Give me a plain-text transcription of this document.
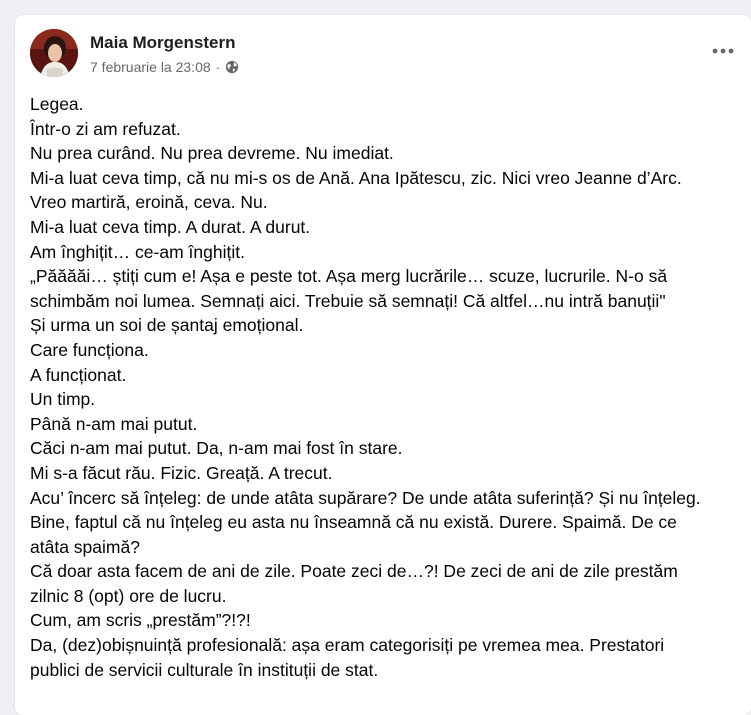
Maia Morgenstern
7 februarie la 23:08 ·
Legea.
Într-o zi am refuzat.
Nu prea curând. Nu prea devreme. Nu imediat.
Mi-a luat ceva timp, că nu mi-s os de Ană. Ana Ipătescu, zic. Nici vreo Jeanne d’Arc.
Vreo martiră, eroină, ceva. Nu.
Mi-a luat ceva timp. A durat. A durut.
Am înghițit… ce-am înghițit.
„Păăăăi… știți cum e! Așa e peste tot. Așa merg lucrările… scuze, lucrurile. N-o să
schimbăm noi lumea. Semnați aici. Trebuie să semnați! Că altfel…nu intră banuții"
Și urma un soi de șantaj emoțional.
Care funcționa.
A funcționat.
Un timp.
Până n-am mai putut.
Căci n-am mai putut. Da, n-am mai fost în stare.
Mi s-a făcut rău. Fizic. Greață. A trecut.
Acu’ încerc să înțeleg: de unde atâta supărare? De unde atâta suferință? Și nu înțeleg.
Bine, faptul că nu înțeleg eu asta nu înseamnă că nu există. Durere. Spaimă. De ce
atâta spaimă?
Că doar asta facem de ani de zile. Poate zeci de…?! De zeci de ani de zile prestăm
zilnic 8 (opt) ore de lucru.
Cum, am scris „prestăm”?!?!
Da, (dez)obișnuință profesională: așa eram categorisiți pe vremea mea. Prestatori
publici de servicii culturale în instituții de stat.
